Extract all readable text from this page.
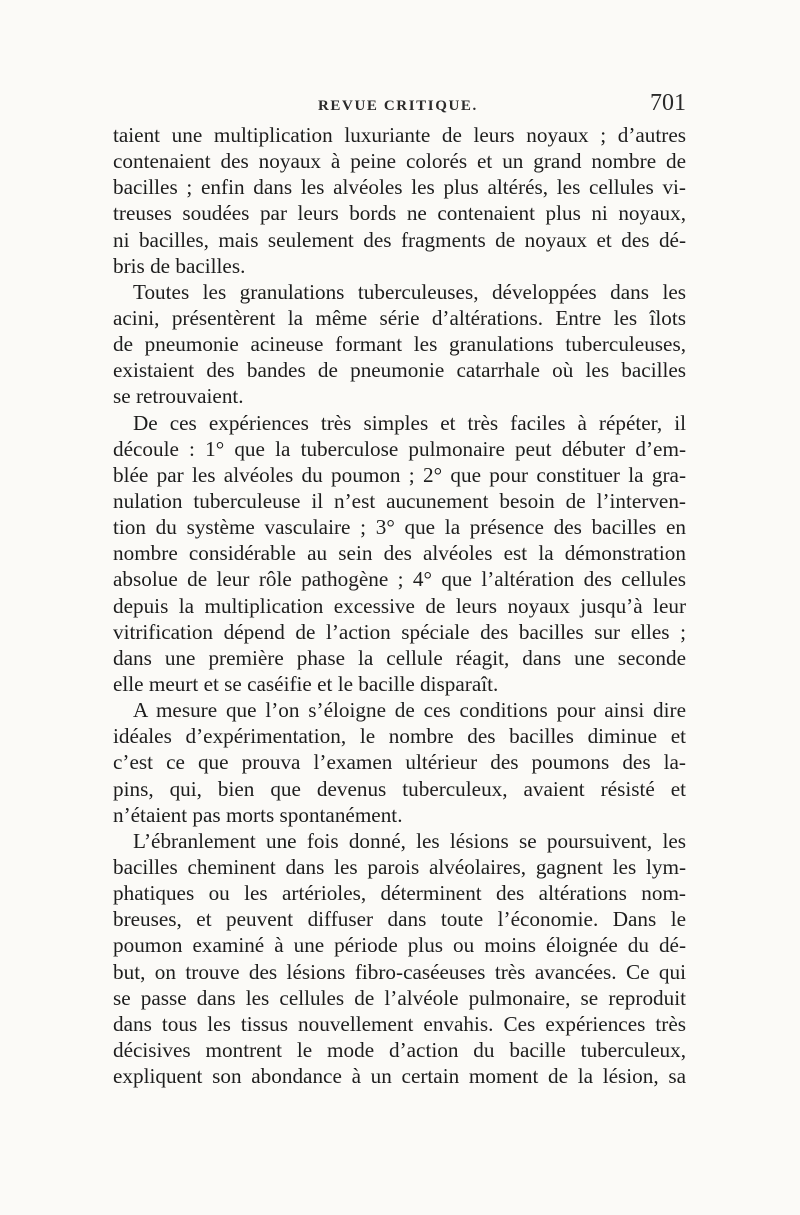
REVUE CRITIQUE.	701
taient une multiplication luxuriante de leurs noyaux ; d’autres
contenaient des noyaux à peine colorés et un grand nombre de
bacilles ; enfin dans les alvéoles les plus altérés, les cellules vi-
treuses soudées par leurs bords ne contenaient plus ni noyaux,
ni bacilles, mais seulement des fragments de noyaux et des dé-
bris de bacilles.
Toutes les granulations tuberculeuses, développées dans les
acini, présentèrent la même série d’altérations. Entre les îlots
de pneumonie acineuse formant les granulations tuberculeuses,
existaient des bandes de pneumonie catarrhale où les bacilles
se retrouvaient.
De ces expériences très simples et très faciles à répéter, il
découle : 1° que la tuberculose pulmonaire peut débuter d’em-
blée par les alvéoles du poumon ; 2° que pour constituer la gra-
nulation tuberculeuse il n’est aucunement besoin de l’interven-
tion du système vasculaire ; 3° que la présence des bacilles en
nombre considérable au sein des alvéoles est la démonstration
absolue de leur rôle pathogène ; 4° que l’altération des cellules
depuis la multiplication excessive de leurs noyaux jusqu’à leur
vitrification dépend de l’action spéciale des bacilles sur elles ;
dans une première phase la cellule réagit, dans une seconde
elle meurt et se caséifie et le bacille disparaît.
A mesure que l’on s’éloigne de ces conditions pour ainsi dire
idéales d’expérimentation, le nombre des bacilles diminue et
c’est ce que prouva l’examen ultérieur des poumons des la-
pins, qui, bien que devenus tuberculeux, avaient résisté et
n’étaient pas morts spontanément.
L’ébranlement une fois donné, les lésions se poursuivent, les
bacilles cheminent dans les parois alvéolaires, gagnent les lym-
phatiques ou les artérioles, déterminent des altérations nom-
breuses, et peuvent diffuser dans toute l’économie. Dans le
poumon examiné à une période plus ou moins éloignée du dé-
but, on trouve des lésions fibro-caséeuses très avancées. Ce qui
se passe dans les cellules de l’alvéole pulmonaire, se reproduit
dans tous les tissus nouvellement envahis. Ces expériences très
décisives montrent le mode d’action du bacille tuberculeux,
expliquent son abondance à un certain moment de la lésion, sa
